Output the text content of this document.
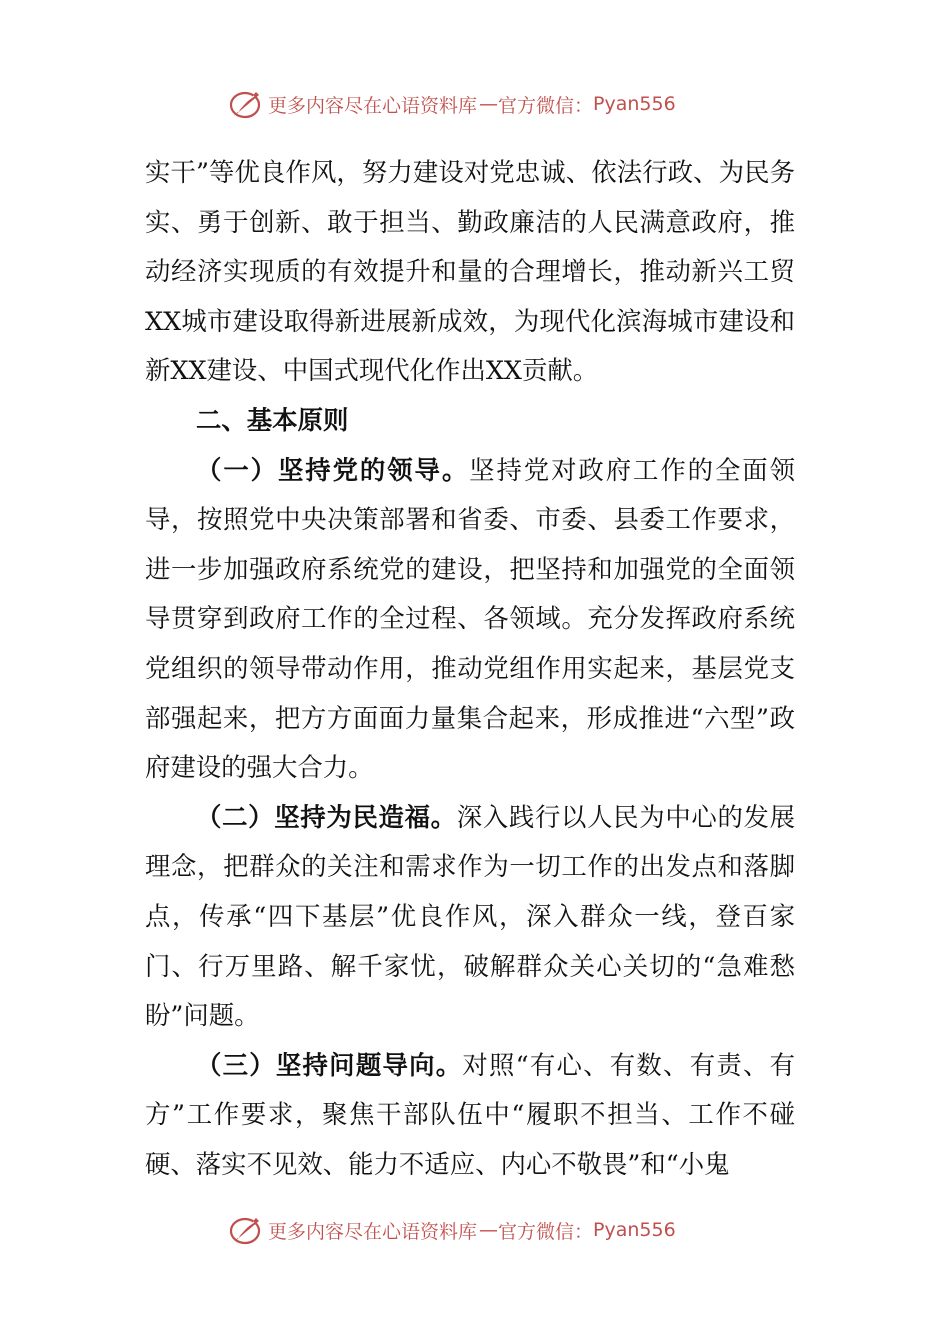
更多内容尽在心语资料库 — 官方微信： Pyan556

实干”等优良作风，努力建设对党忠诚、依法行政、为民务实、勇于创新、敢于担当、勤政廉洁的人民满意政府，推动经济实现质的有效提升和量的合理增长，推动新兴工贸XX城市建设取得新进展新成效，为现代化滨海城市建设和新XX建设、中国式现代化作出XX贡献。

二、基本原则

（一）坚持党的领导。坚持党对政府工作的全面领导，按照党中央决策部署和省委、市委、县委工作要求，进一步加强政府系统党的建设，把坚持和加强党的全面领导贯穿到政府工作的全过程、各领域。充分发挥政府系统党组织的领导带动作用，推动党组作用实起来，基层党支部强起来，把方方面面力量集合起来，形成推进“六型”政府建设的强大合力。

（二）坚持为民造福。深入践行以人民为中心的发展理念，把群众的关注和需求作为一切工作的出发点和落脚点，传承“四下基层”优良作风，深入群众一线，登百家门、行万里路、解千家忧，破解群众关心关切的“急难愁盼”问题。

（三）坚持问题导向。对照“有心、有数、有责、有方”工作要求，聚焦干部队伍中“履职不担当、工作不碰硬、落实不见效、能力不适应、内心不敬畏”和“小鬼

更多内容尽在心语资料库 — 官方微信： Pyan556
